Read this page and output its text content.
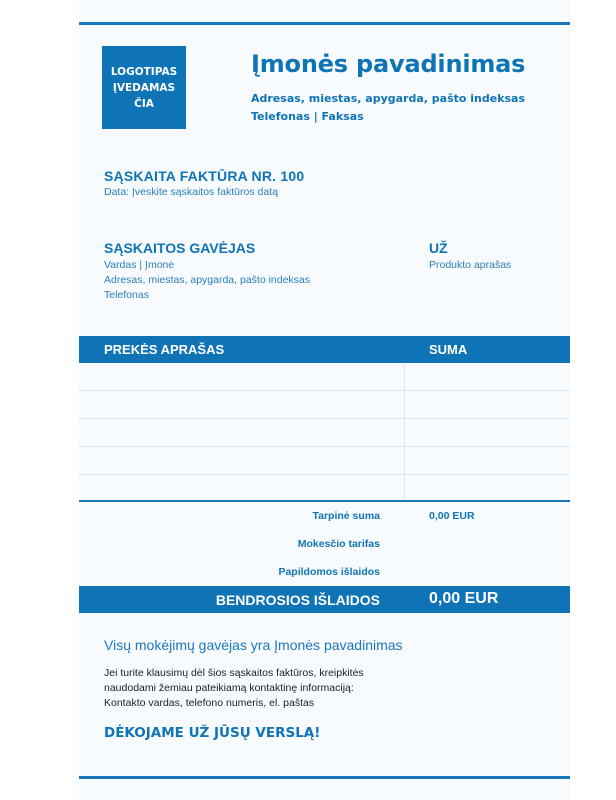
LOGOTIPAS
ĮVEDAMAS
ČIA
Įmonės pavadinimas
Adresas, miestas, apygarda, pašto indeksas
Telefonas | Faksas
SĄSKAITA FAKTŪRA NR. 100
Data: Įveskite sąskaitos faktūros datą
SĄSKAITOS GAVĖJAS
Vardas | Įmonė
Adresas, miestas, apygarda, pašto indeksas
Telefonas
UŽ
Produkto aprašas
PREKĖS APRAŠAS	SUMA
Tarpinė suma	0,00 EUR
Mokesčio tarifas
Papildomos išlaidos
BENDROSIOS IŠLAIDOS	0,00 EUR
Visų mokėjimų gavėjas yra Įmonės pavadinimas
Jei turite klausimų dėl šios sąskaitos faktūros, kreipkitės
naudodami žemiau pateikiamą kontaktinę informaciją:
Kontakto vardas, telefono numeris, el. paštas
DĖKOJAME UŽ JŪSŲ VERSLĄ!
